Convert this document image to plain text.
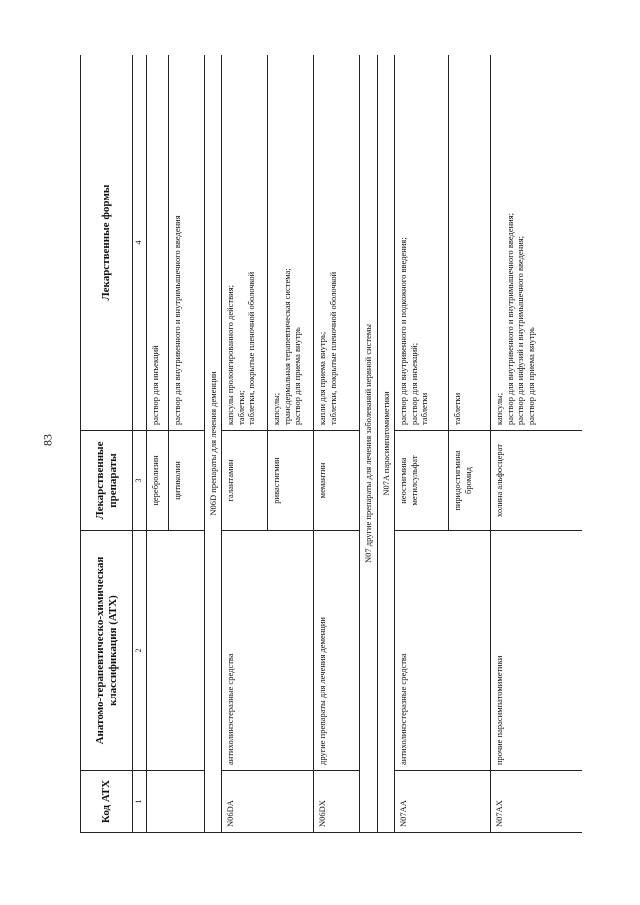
83
Код АТХ	Анатомо-терапевтическо-химическая классификация (АТХ)	Лекарственные препараты	Лекарственные формы
1	2	3	4
		церебролизин	раствор для инъекций

		цитиколин	раствор для внутривенного и внутримышечного введения

N06D препараты для лечения деменции			
N06DA	антихолинэстеразные средства	галантамин	капсулы пролонгированного действия; таблетки; таблетки, покрытые пленочной оболочкой

		ривастигмин	капсулы; трансдермальная терапевтическая система; раствор для приема внутрь

N06DX	другие препараты для лечения деменции	мемантин	капли для приема внутрь; таблетки, покрытые пленочной оболочкой

N07 другие препараты для лечения заболеваний нервной системы			
N07A парасимпатомиметики			
N07AA	антихолинэстеразные средства	неостигмина метилсульфат	раствор для внутривенного и подкожного введения; раствор для инъекций; таблетки

		пиридостигмина бромид	таблетки

N07AX	прочие парасимпатомиметики	холина альфосцерат	капсулы; раствор для внутривенного и внутримышечного введения; раствор для инфузий и внутримышечного введения; раствор для приема внутрь
